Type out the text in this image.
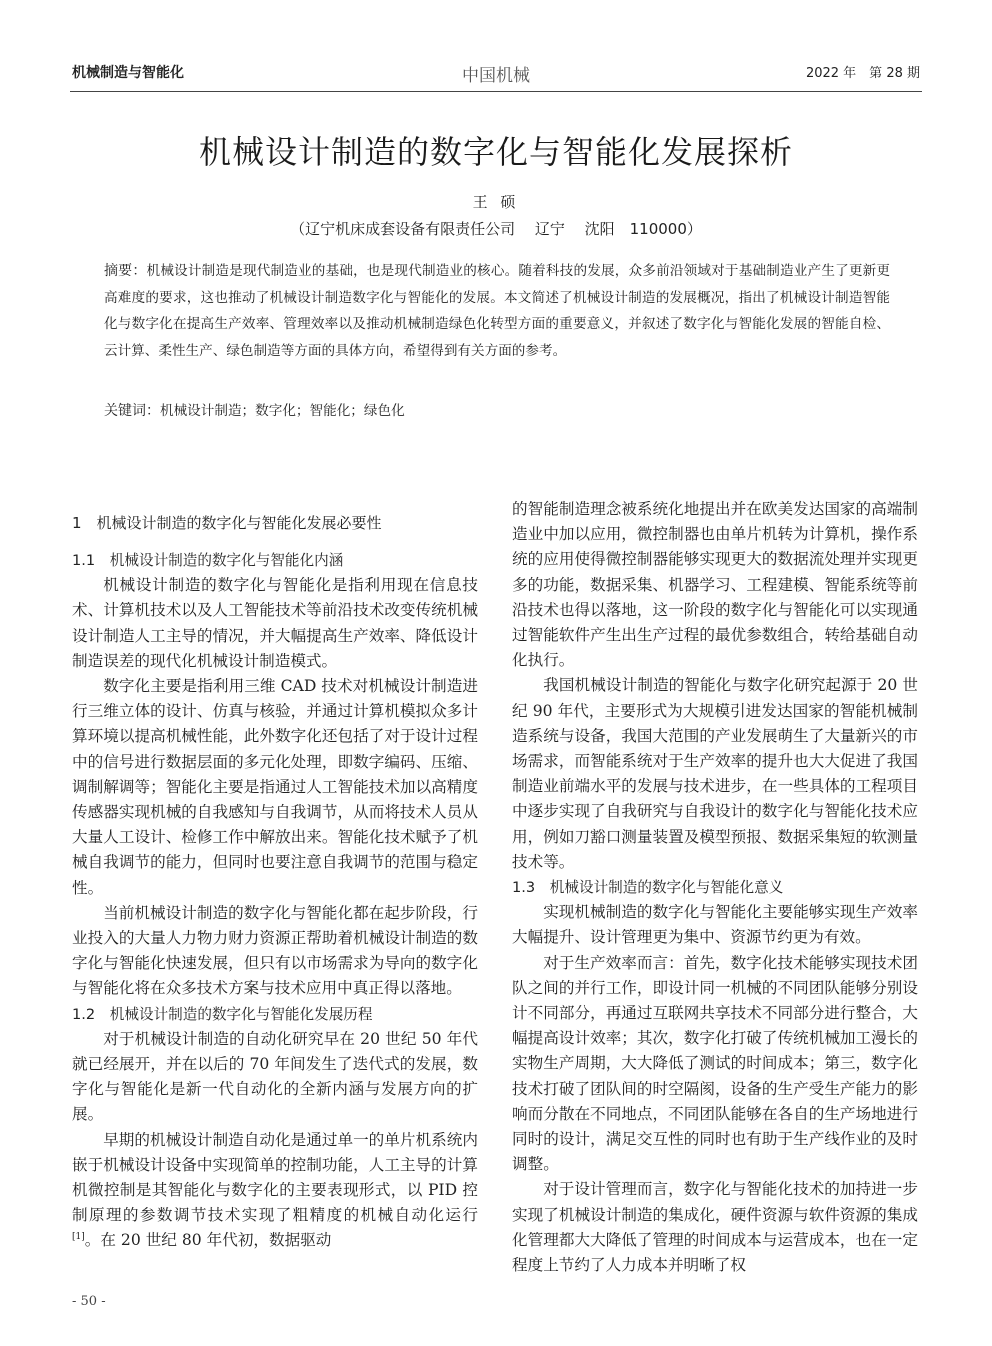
机械制造与智能化	中国机械	2022 年　第 28 期
机械设计制造的数字化与智能化发展探析
王 硕
（辽宁机床成套设备有限责任公司　 辽宁　 沈阳　110000）
摘要：机械设计制造是现代制造业的基础，也是现代制造业的核心。随着科技的发展，众多前沿领域对于基础制造业产生了更新更高难度的要求，这也推动了机械设计制造数字化与智能化的发展。本文简述了机械设计制造的发展概况，指出了机械设计制造智能化与数字化在提高生产效率、管理效率以及推动机械制造绿色化转型方面的重要意义，并叙述了数字化与智能化发展的智能自检、云计算、柔性生产、绿色制造等方面的具体方向，希望得到有关方面的参考。
关键词：机械设计制造；数字化；智能化；绿色化
1　机械设计制造的数字化与智能化发展必要性
1.1　机械设计制造的数字化与智能化内涵

机械设计制造的数字化与智能化是指利用现在信息技术、计算机技术以及人工智能技术等前沿技术改变传统机械设计制造人工主导的情况，并大幅提高生产效率、降低设计制造误差的现代化机械设计制造模式。

数字化主要是指利用三维 CAD 技术对机械设计制造进行三维立体的设计、仿真与核验，并通过计算机模拟众多计算环境以提高机械性能，此外数字化还包括了对于设计过程中的信号进行数据层面的多元化处理，即数字编码、压缩、调制解调等；智能化主要是指通过人工智能技术加以高精度传感器实现机械的自我感知与自我调节，从而将技术人员从大量人工设计、检修工作中解放出来。智能化技术赋予了机械自我调节的能力，但同时也要注意自我调节的范围与稳定性。

当前机械设计制造的数字化与智能化都在起步阶段，行业投入的大量人力物力财力资源正帮助着机械设计制造的数字化与智能化快速发展，但只有以市场需求为导向的数字化与智能化将在众多技术方案与技术应用中真正得以落地。

1.2　机械设计制造的数字化与智能化发展历程

对于机械设计制造的自动化研究早在 20 世纪 50 年代就已经展开，并在以后的 70 年间发生了迭代式的发展，数字化与智能化是新一代自动化的全新内涵与发展方向的扩展。

早期的机械设计制造自动化是通过单一的单片机系统内嵌于机械设计设备中实现简单的控制功能，人工主导的计算机微控制是其智能化与数字化的主要表现形式，以 PID 控制原理的参数调节技术实现了粗精度的机械自动化运行 [1]。在 20 世纪 80 年代初，数据驱动

的智能制造理念被系统化地提出并在欧美发达国家的高端制造业中加以应用，微控制器也由单片机转为计算机，操作系统的应用使得微控制器能够实现更大的数据流处理并实现更多的功能，数据采集、机器学习、工程建模、智能系统等前沿技术也得以落地，这一阶段的数字化与智能化可以实现通过智能软件产生出生产过程的最优参数组合，转给基础自动化执行。

我国机械设计制造的智能化与数字化研究起源于 20 世纪 90 年代，主要形式为大规模引进发达国家的智能机械制造系统与设备，我国大范围的产业发展萌生了大量新兴的市场需求，而智能系统对于生产效率的提升也大大促进了我国制造业前端水平的发展与技术进步，在一些具体的工程项目中逐步实现了自我研究与自我设计的数字化与智能化技术应用，例如刀豁口测量装置及模型预报、数据采集短的软测量技术等。

1.3　机械设计制造的数字化与智能化意义

实现机械制造的数字化与智能化主要能够实现生产效率大幅提升、设计管理更为集中、资源节约更为有效。

对于生产效率而言：首先，数字化技术能够实现技术团队之间的并行工作，即设计同一机械的不同团队能够分别设计不同部分，再通过互联网共享技术不同部分进行整合，大幅提高设计效率；其次，数字化打破了传统机械加工漫长的实物生产周期，大大降低了测试的时间成本；第三，数字化技术打破了团队间的时空隔阂，设备的生产受生产能力的影响而分散在不同地点，不同团队能够在各自的生产场地进行同时的设计，满足交互性的同时也有助于生产线作业的及时调整。

对于设计管理而言，数字化与智能化技术的加持进一步实现了机械设计制造的集成化，硬件资源与软件资源的集成化管理都大大降低了管理的时间成本与运营成本，也在一定程度上节约了人力成本并明晰了权

- 50 -
